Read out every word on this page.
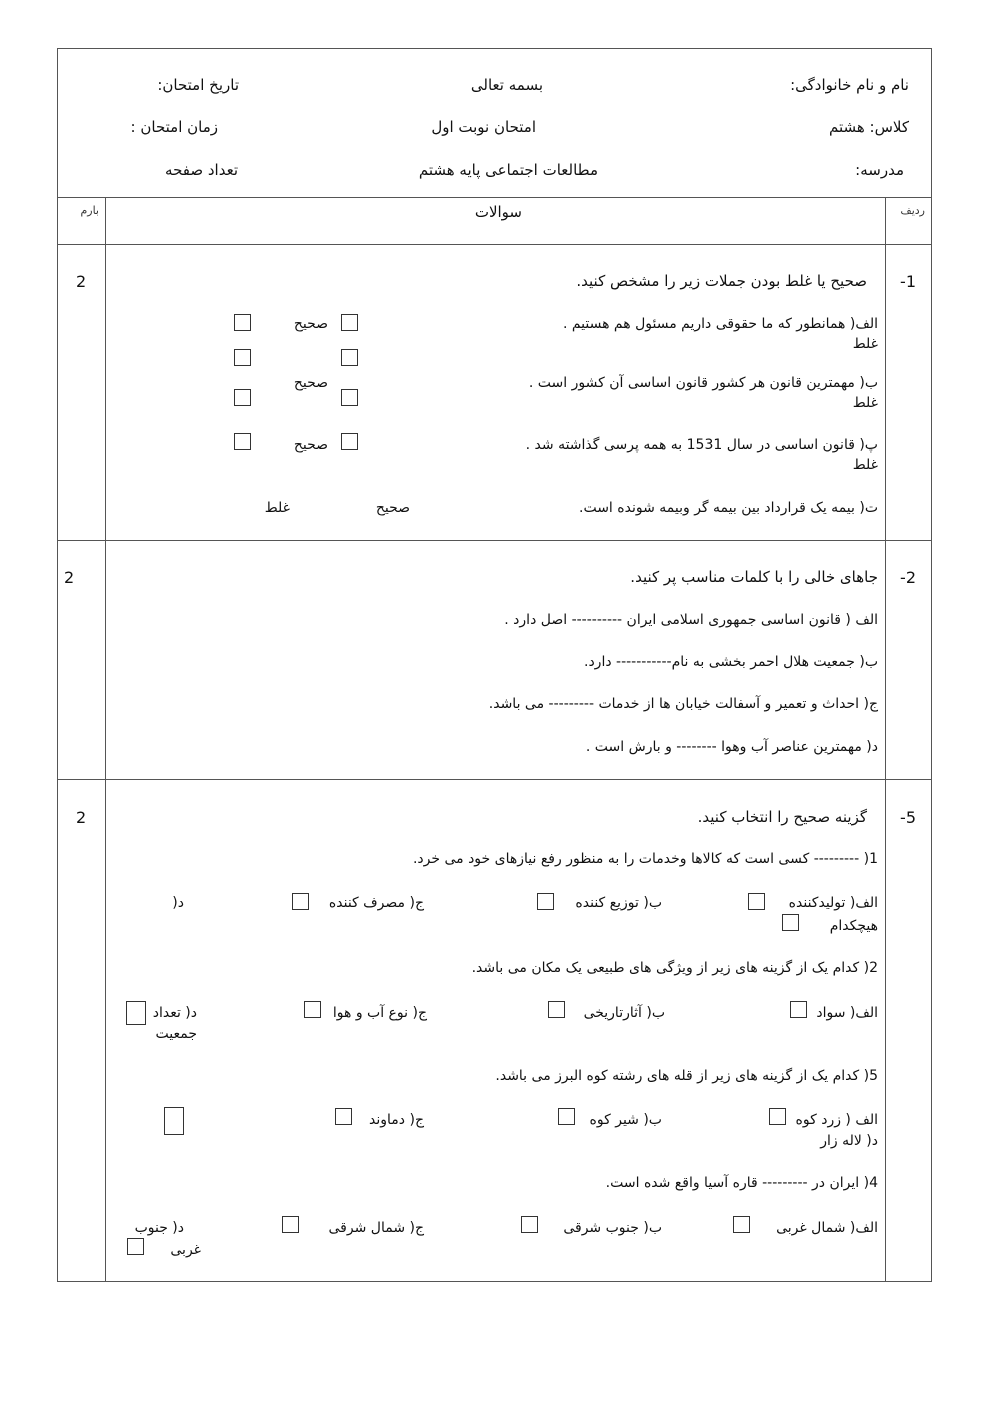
نام و نام خانوادگی:
بسمه تعالی
تاریخ امتحان:
کلاس: هشتم
امتحان نوبت اول
زمان امتحان :
مدرسه:
مطالعات اجتماعی پایه هشتم
تعداد صفحه
بارم	سوالات	ردیف
1-
2	صحیح یا غلط بودن جملات زیر را مشخص کنید.
الف( همانطور که ما حقوقی داریم مسئول هم هستیم .
صحیح
غلط
ب( مهمترین قانون هر کشور قانون اساسی آن کشور است .
صحیح
غلط
پ( قانون اساسی در سال 1531 به همه پرسی گذاشته شد .
صحیح
غلط
ت( بیمه یک قرارداد بین بیمه گر وبیمه شونده است.
صحیح
غلط
2-
2	جاهای خالی را با کلمات مناسب پر کنید.
الف ( قانون اساسی جمهوری اسلامی ایران ---------- اصل دارد .
ب( جمعیت هلال احمر بخشی به نام----------- دارد.
ج( احداث و تعمیر و آسفالت خیابان ها از خدمات --------- می باشد.
د( مهمترین عناصر آب وهوا -------- و بارش است .
5-
2	گزینه صحیح را انتخاب کنید.
1( --------- کسی است که کالاها وخدمات را به منظور رفع نیازهای خود می خرد.
الف( تولیدکننده
ب( توزیع کننده
ج( مصرف کننده
د(
هیچکدام
2( کدام یک از گزینه های زیر از ویژگی های طبیعی یک مکان می باشد.
الف( سواد
ب( آثارتاریخی
ج( نوع آب و هوا
د( تعداد
جمعیت
5( کدام یک از گزینه های زیر از قله های رشته کوه البرز می باشد.
الف ( زرد کوه
ب( شیر کوه
ج( دماوند
د( لاله زار
4( ایران در --------- قاره آسیا واقع شده است.
الف( شمال غربی
ب( جنوب شرقی
ج( شمال شرقی
د( جنوب
غربی
